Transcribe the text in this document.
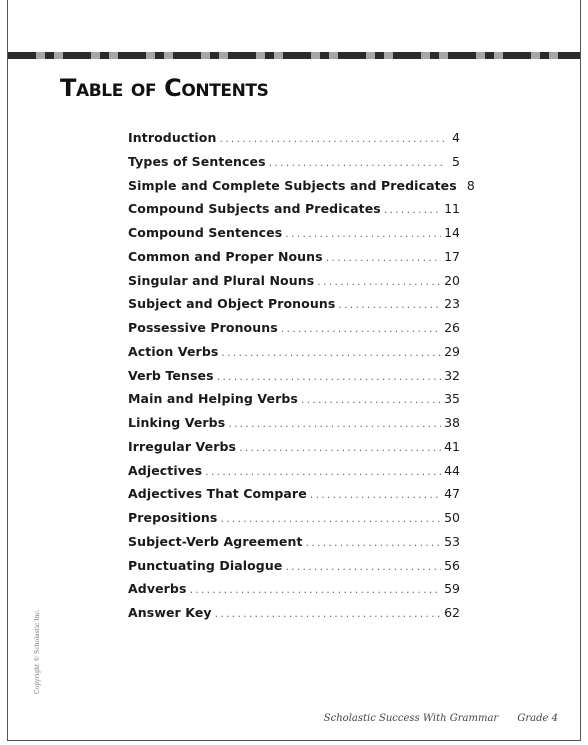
Table of Contents
Introduction .....	4
Types of Sentences .....	5
Simple and Complete Subjects and Predicates 8
Compound Subjects and Predicates .....	11
Compound Sentences .....	14
Common and Proper Nouns .....	17
Singular and Plural Nouns .....	20
Subject and Object Pronouns .....	23
Possessive Pronouns .....	26
Action Verbs .....	29
Verb Tenses .....	32
Main and Helping Verbs .....	35
Linking Verbs .....	38
Irregular Verbs .....	41
Adjectives .....	44
Adjectives That Compare .....	47
Prepositions .....	50
Subject-Verb Agreement .....	53
Punctuating Dialogue .....	56
Adverbs .....	59
Answer Key .....	62
Copyright © Scholastic Inc.
Scholastic Success With Grammar Grade 4
